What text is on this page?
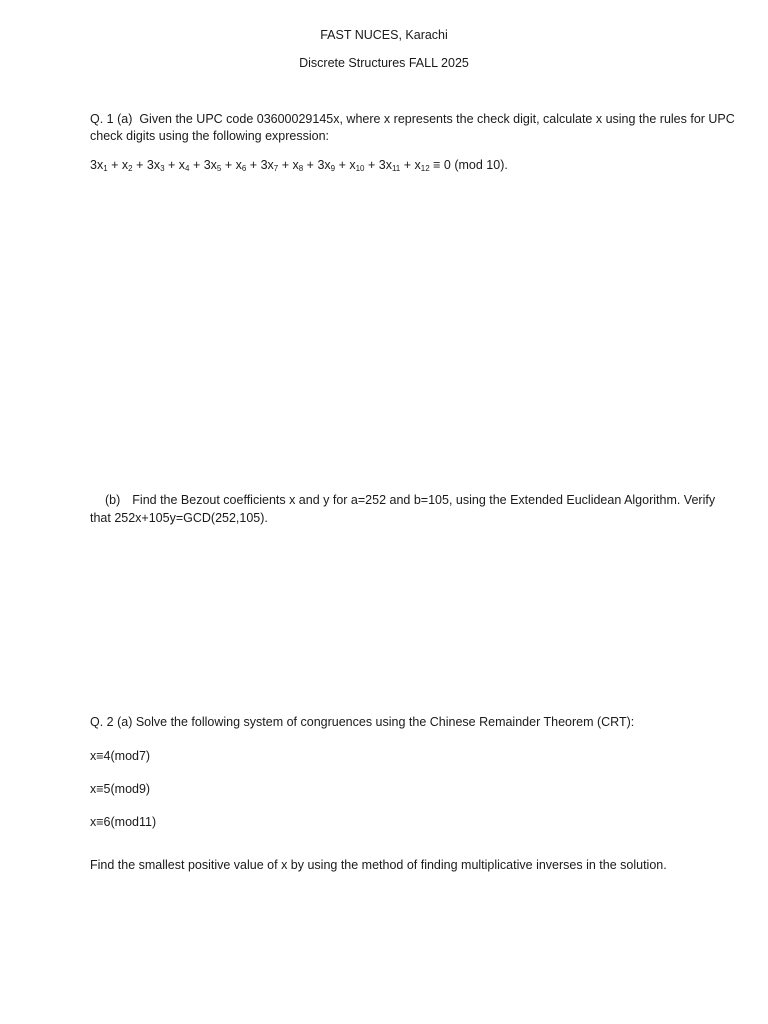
FAST NUCES, Karachi
Discrete Structures FALL 2025
Q. 1 (a) Given the UPC code 03600029145x, where x represents the check digit, calculate x using the rules for UPC
check digits using the following expression:
$3x_1 + x_2 + 3x_3 + x_4 + 3x_5 + x_6 + 3x_7 + x_8 + 3x_9 + x_{10} + 3x_{11} + x_{12} \equiv 0$ (mod 10).
(b) Find the Bezout coefficients x and y for a=252 and b=105, using the Extended Euclidean Algorithm. Verify
that 252x+105y=GCD(252,105).
Q. 2 (a) Solve the following system of congruences using the Chinese Remainder Theorem (CRT):
x≡4(mod7)
x≡5(mod9)
x≡6(mod11)
Find the smallest positive value of x by using the method of finding multiplicative inverses in the solution.
